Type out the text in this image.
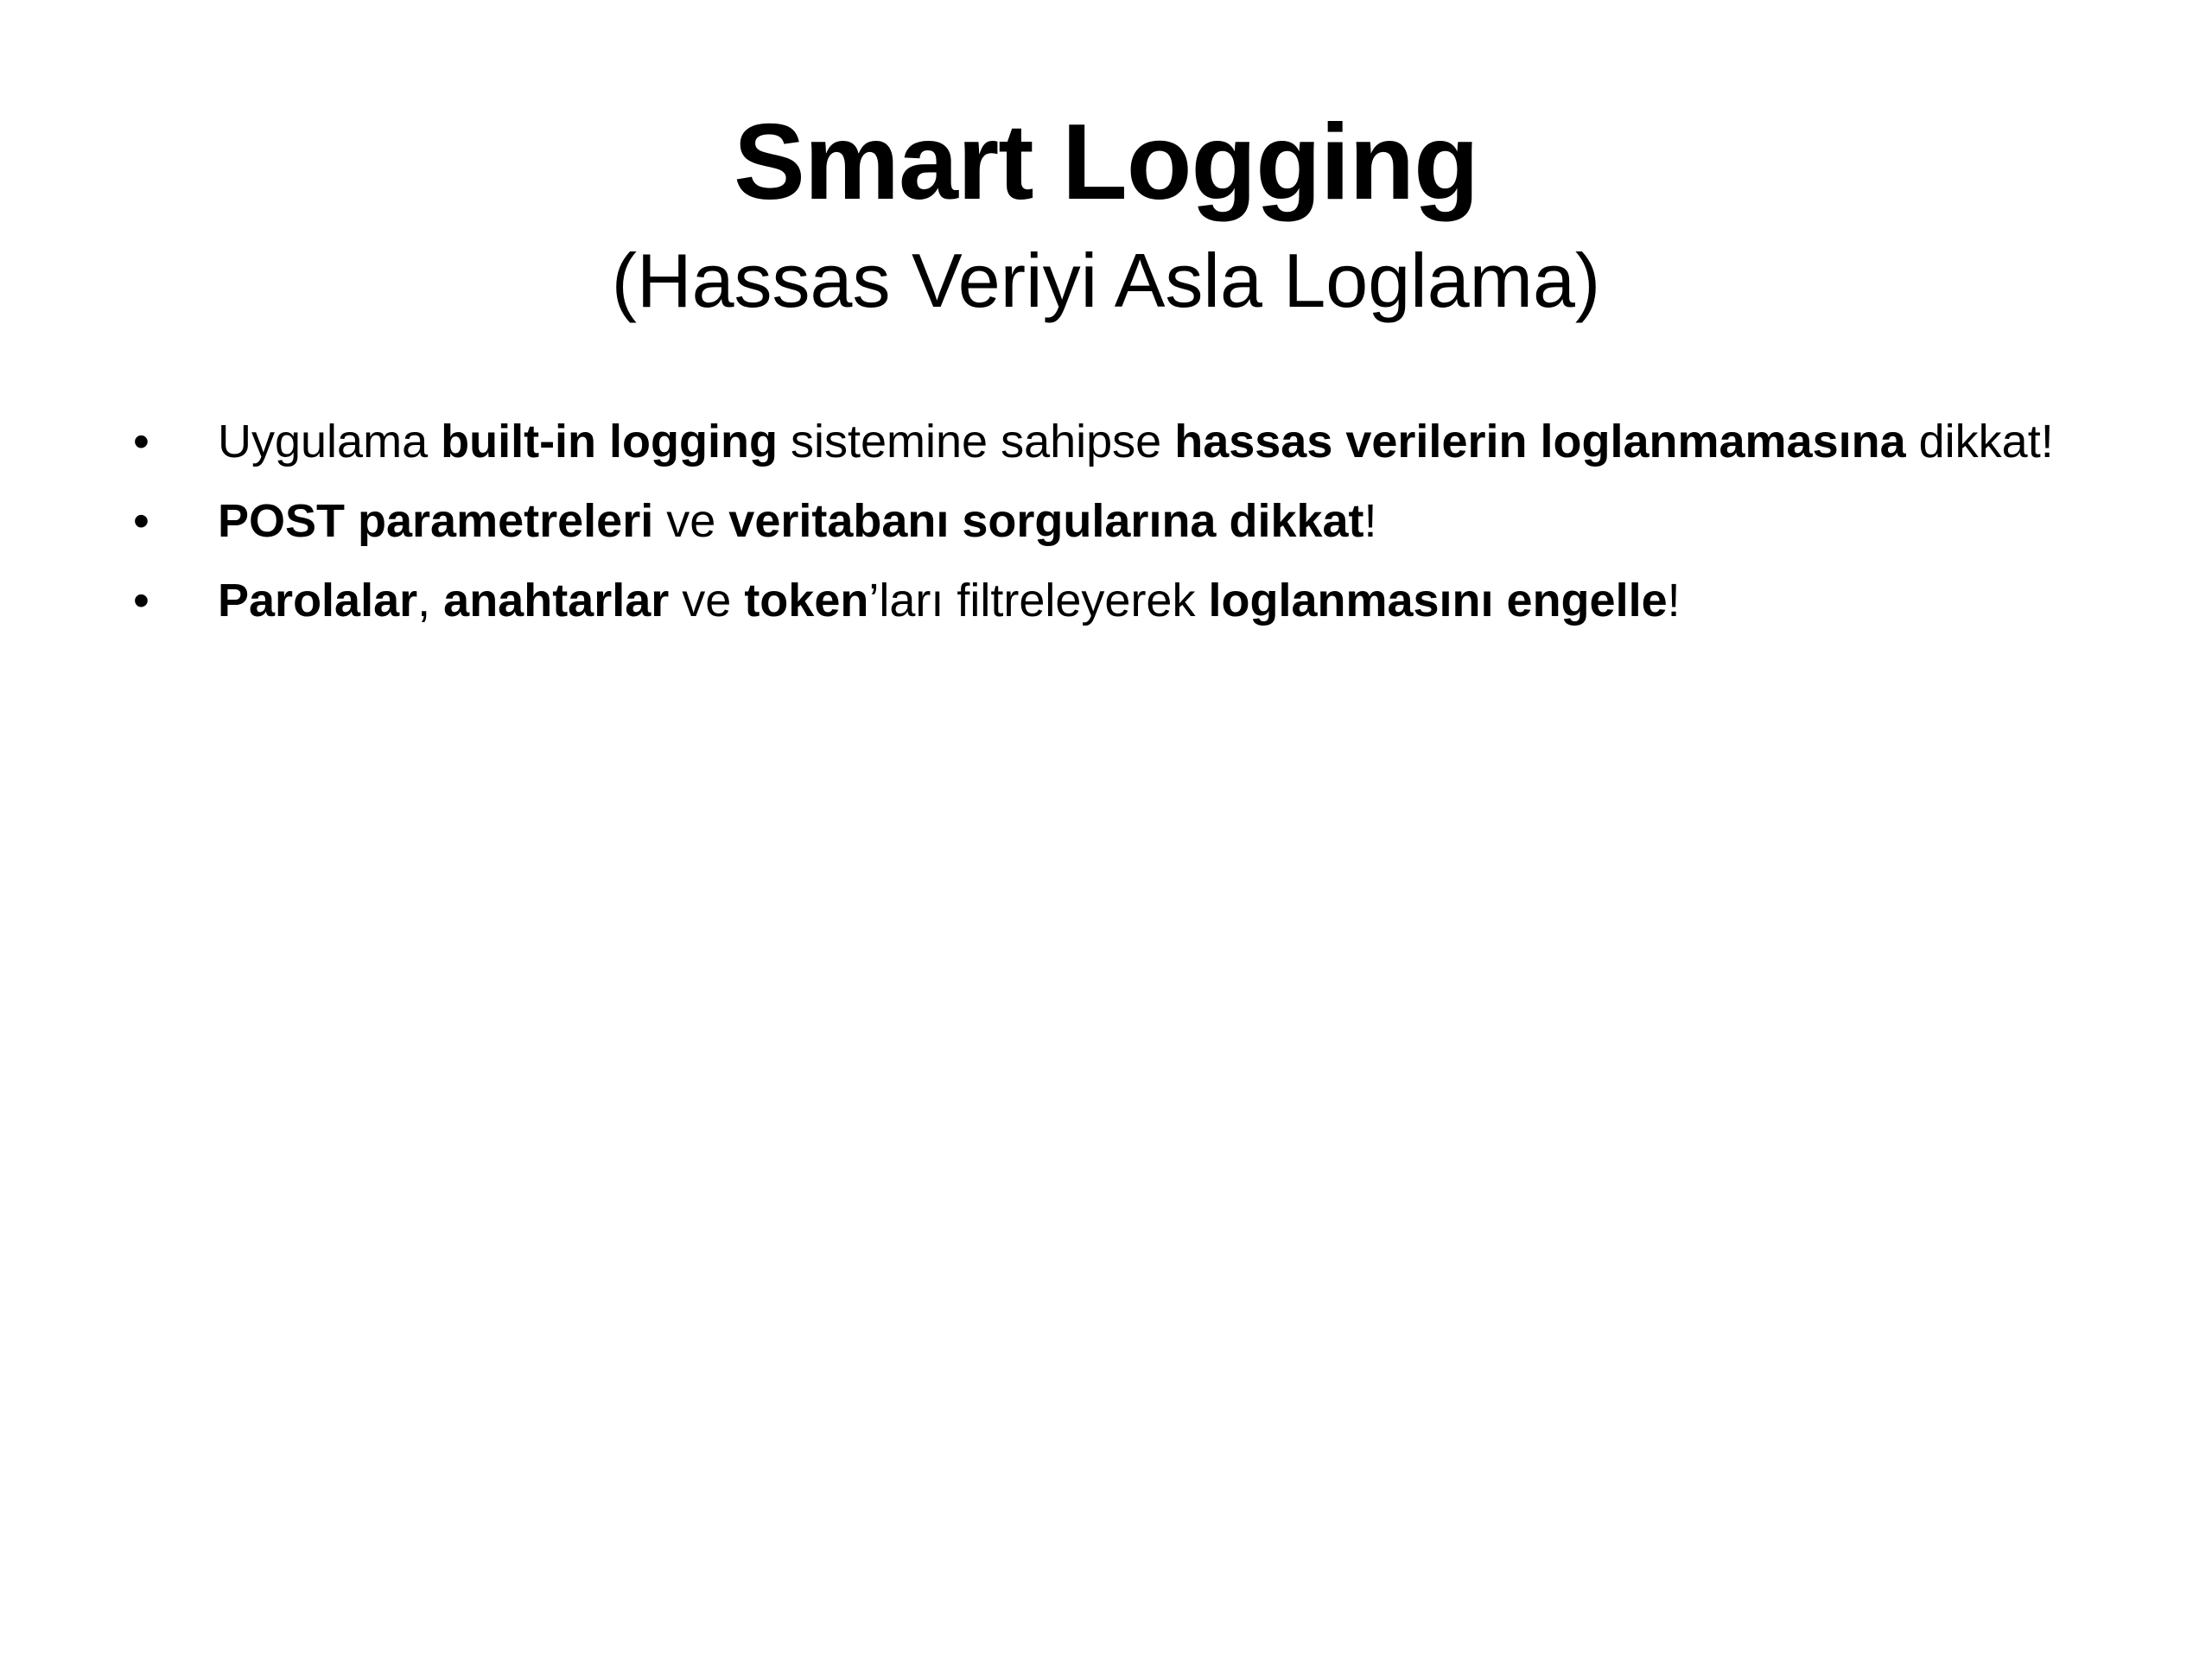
Smart Logging
(Hassas Veriyi Asla Loglama)
• Uygulama built-in logging sistemine sahipse hassas verilerin loglanmamasına dikkat!
• POST parametreleri ve veritabanı sorgularına dikkat!
• Parolalar, anahtarlar ve token’ları filtreleyerek loglanmasını engelle!
